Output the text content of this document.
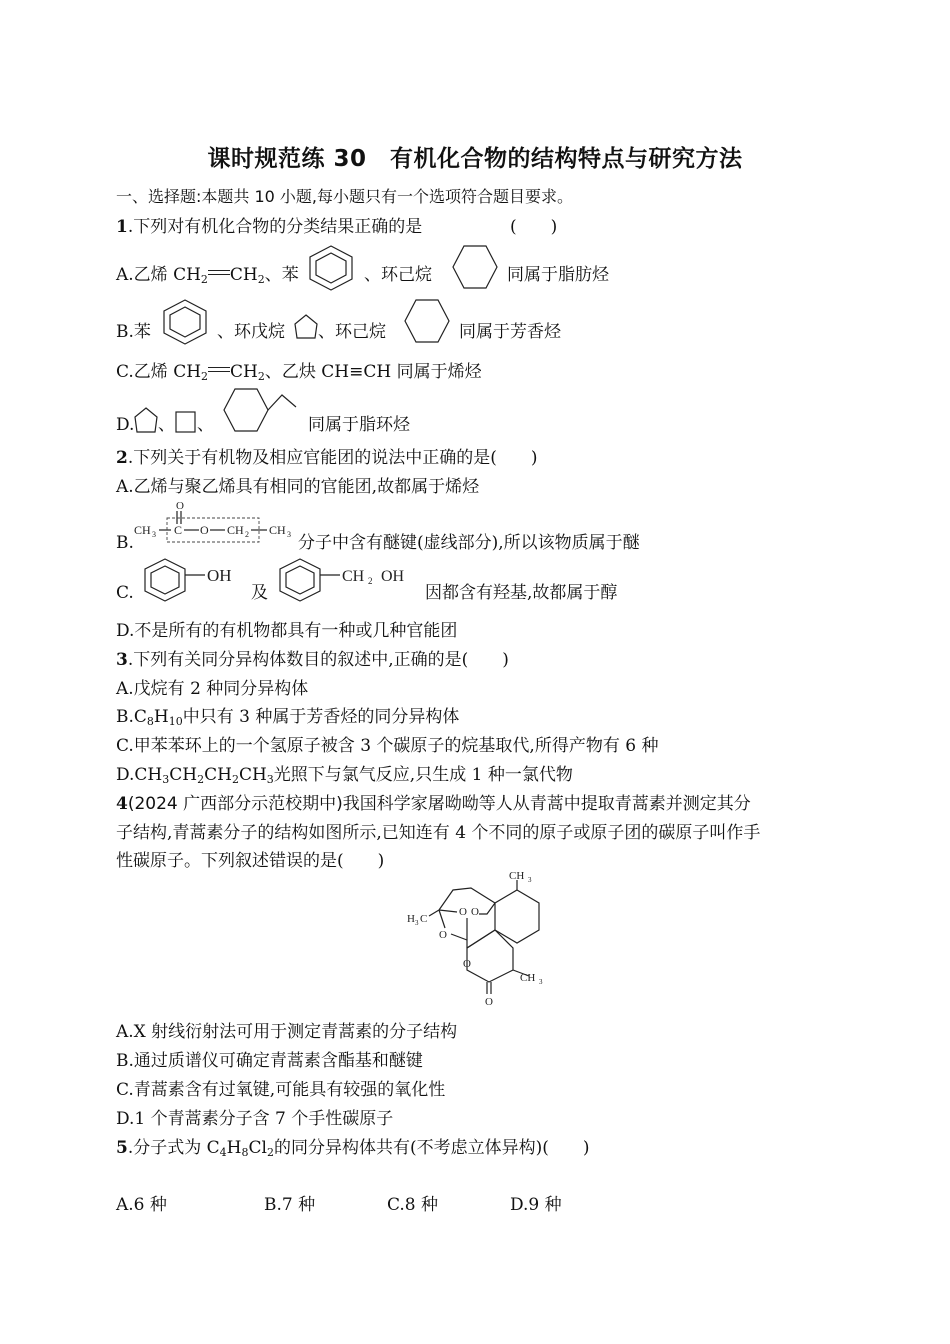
课时规范练 30　有机化合物的结构特点与研究方法
一、选择题:本题共 10 小题,每小题只有一个选项符合题目要求。
1.下列对有机化合物的分类结果正确的是	(　　)
A.乙烯 $CH_2$ $CH_2$、苯	、环己烷	同属于脂肪烃
B.苯	、环戊烷 、环己烷	同属于芳香烃
C.乙烯 $CH_2$ $CH_2$、乙炔 CH≡CH 同属于烯烃
D. 、 、	同属于脂环烃
2.下列关于有机物及相应官能团的说法中正确的是(　　)
A.乙烯与聚乙烯具有相同的官能团,故都属于烯烃
B.
CH 3 C
O
O CH 2 CH 3 分子中含有醚键(虚线部分),所以该物质属于醚
C.
OH
及
CH 2 OH
因都含有羟基,故都属于醇
D.不是所有的有机物都具有一种或几种官能团
3.下列有关同分异构体数目的叙述中,正确的是(　　)
A.戊烷有 2 种同分异构体
$B.C_8H_{10}$中只有 3 种属于芳香烃的同分异构体
C.甲苯苯环上的一个氢原子被含 3 个碳原子的烷基取代,所得产物有 6 种
$D.CH_3CH_2CH_2CH_3$光照下与氯气反应,只生成 1 种一氯代物
4(2024 广西部分示范校期中)我国科学家屠呦呦等人从青蒿中提取青蒿素并测定其分
子结构,青蒿素分子的结构如图所示,已知连有 4 个不同的原子或原子团的碳原子叫作手
性碳原子。下列叙述错误的是(　　)
CH 3
CH 3
O
O
O O
O
H 3 C
A.X 射线衍射法可用于测定青蒿素的分子结构
B.通过质谱仪可确定青蒿素含酯基和醚键
C.青蒿素含有过氧键,可能具有较强的氧化性
D.1 个青蒿素分子含 7 个手性碳原子
5.分子式为 $C_4H_8Cl_2$的同分异构体共有(不考虑立体异构)(　　)
A.6 种	B.7 种	C.8 种	D.9 种
